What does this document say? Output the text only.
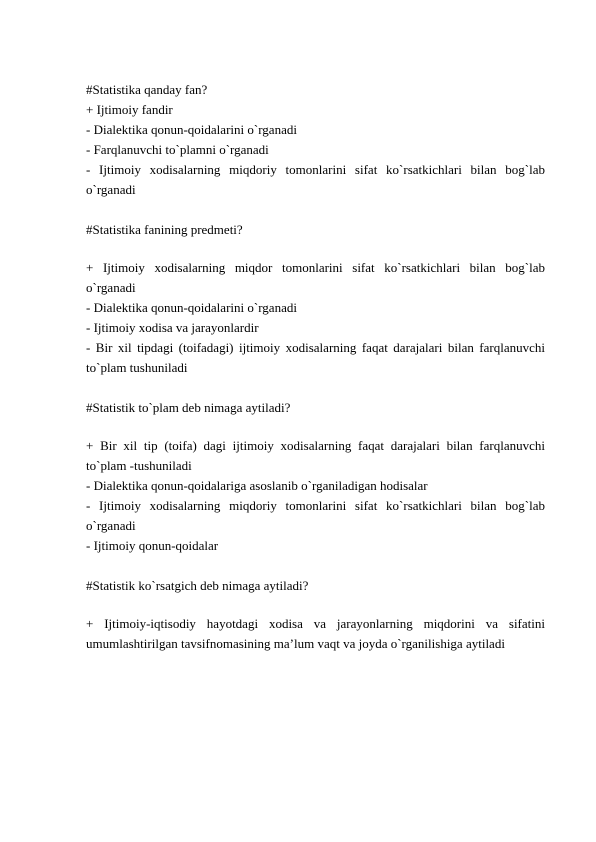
#Statistika qanday fan?

+ Ijtimoiy fandir

- Dialektika qonun-qoidalarini o`rganadi

- Farqlanuvchi to`plamni o`rganadi

- Ijtimoiy xodisalarning miqdoriy tomonlarini sifat ko`rsatkichlari bilan bog`lab o`rganadi

#Statistika fanining predmeti?

+ Ijtimoiy xodisalarning miqdor tomonlarini sifat ko`rsatkichlari bilan bog`lab o`rganadi

- Dialektika qonun-qoidalarini o`rganadi

- Ijtimoiy xodisa va jarayonlardir

- Bir xil tipdagi (toifadagi) ijtimoiy xodisalarning faqat darajalari bilan farqlanuvchi to`plam tushuniladi

#Statistik to`plam deb nimaga aytiladi?

+ Bir xil tip (toifa) dagi ijtimoiy xodisalarning faqat darajalari bilan farqlanuvchi to`plam -tushuniladi

- Dialektika qonun-qoidalariga asoslanib o`rganiladigan hodisalar

- Ijtimoiy xodisalarning miqdoriy tomonlarini sifat ko`rsatkichlari bilan bog`lab o`rganadi

- Ijtimoiy qonun-qoidalar

#Statistik ko`rsatgich deb nimaga aytiladi?

+ Ijtimoiy-iqtisodiy hayotdagi xodisa va jarayonlarning miqdorini va sifatini umumlashtirilgan tavsifnomasining ma’lum vaqt va joyda o`rganilishiga aytiladi
